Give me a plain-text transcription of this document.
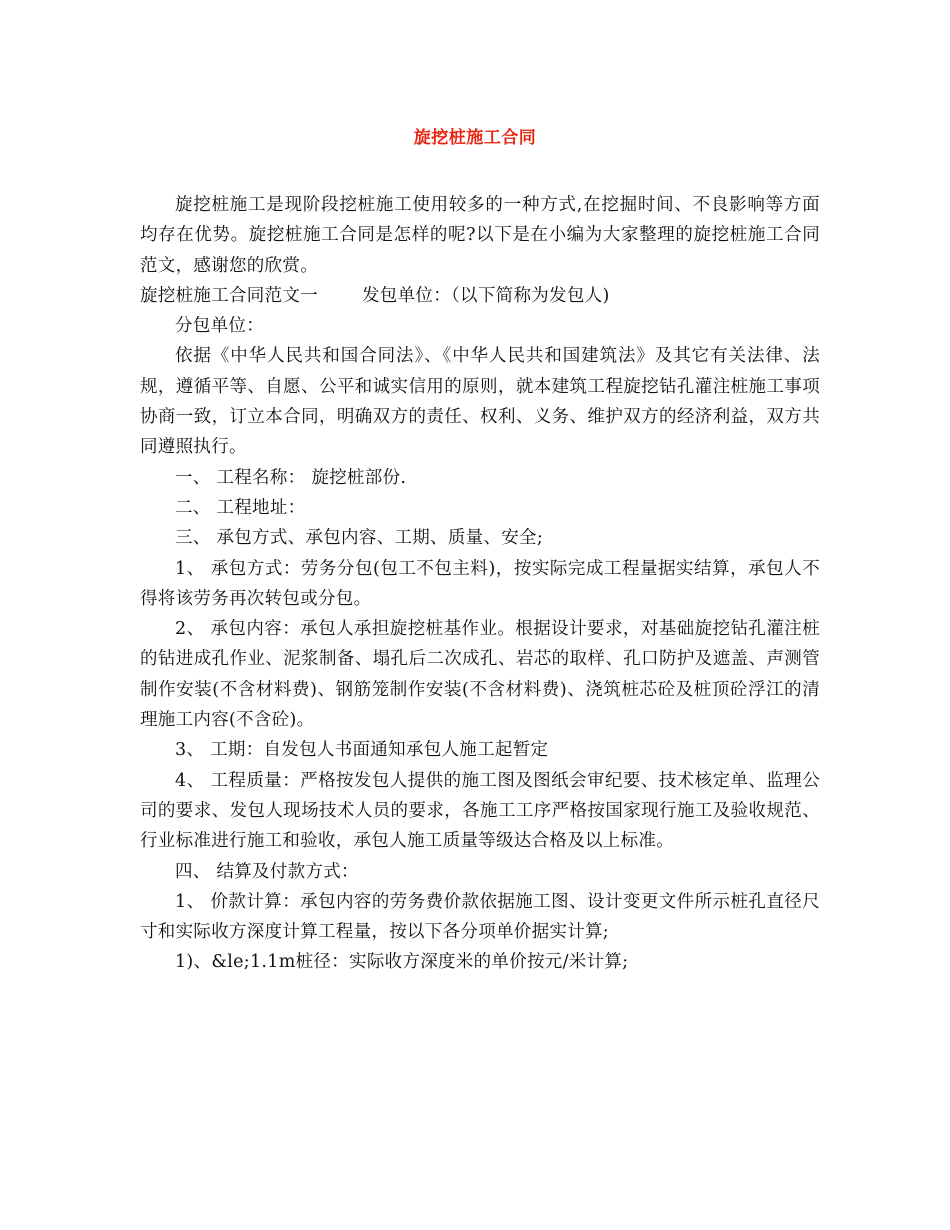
旋挖桩施工合同

旋挖桩施工是现阶段挖桩施工使用较多的一种方式,在挖掘时间、不良影响等方面均存在优势。旋挖桩施工合同是怎样的呢?以下是在小编为大家整理的旋挖桩施工合同范文，感谢您的欣赏。

旋挖桩施工合同范文一	发包单位：（以下简称为发包人)

分包单位：

依据《中华人民共和国合同法》、《中华人民共和国建筑法》及其它有关法律、法规，遵循平等、自愿、公平和诚实信用的原则，就本建筑工程旋挖钻孔灌注桩施工事项协商一致，订立本合同，明确双方的责任、权利、义务、维护双方的经济利益，双方共同遵照执行。

一、 工程名称： 旋挖桩部份.

二、 工程地址：

三、 承包方式、承包内容、工期、质量、安全;

1、 承包方式：劳务分包(包工不包主料)，按实际完成工程量据实结算，承包人不得将该劳务再次转包或分包。

2、 承包内容：承包人承担旋挖桩基作业。根据设计要求，对基础旋挖钻孔灌注桩的钻进成孔作业、泥浆制备、塌孔后二次成孔、岩芯的取样、孔口防护及遮盖、声测管制作安装(不含材料费)、钢筋笼制作安装(不含材料费)、浇筑桩芯砼及桩顶砼浮江的清理施工内容(不含砼)。

3、 工期：自发包人书面通知承包人施工起暂定

4、 工程质量：严格按发包人提供的施工图及图纸会审纪要、技术核定单、监理公司的要求、发包人现场技术人员的要求，各施工工序严格按国家现行施工及验收规范、行业标准进行施工和验收，承包人施工质量等级达合格及以上标准。

四、 结算及付款方式：

1、 价款计算：承包内容的劳务费价款依据施工图、设计变更文件所示桩孔直径尺寸和实际收方深度计算工程量，按以下各分项单价据实计算;

1)、&le;1.1m桩径：实际收方深度米的单价按元/米计算;
